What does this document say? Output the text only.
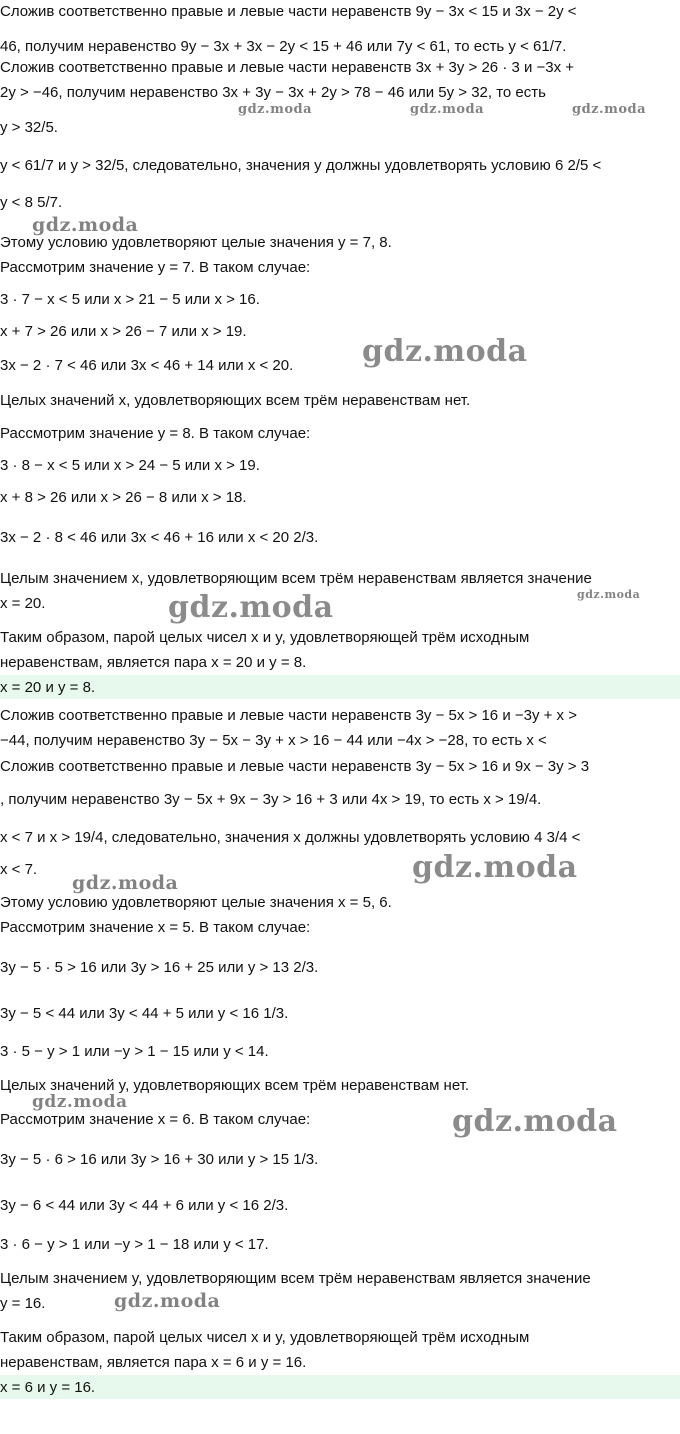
Сложив соответственно правые и левые части неравенств 9y − 3x < 15 и 3x − 2y <
46, получим неравенство 9y − 3x + 3x − 2y < 15 + 46 или 7y < 61, то есть y < 61/7.
Сложив соответственно правые и левые части неравенств 3x + 3y > 26 · 3 и −3x +
2y > −46, получим неравенство 3x + 3y − 3x + 2y > 78 − 46 или 5y > 32, то есть
y > 32/5.
y < 61/7 и y > 32/5, следовательно, значения y должны удовлетворять условию 6 2/5 <
y < 8 5/7.
Этому условию удовлетворяют целые значения y = 7, 8.
Рассмотрим значение y = 7. В таком случае:
3 · 7 − x < 5 или x > 21 − 5 или x > 16.
x + 7 > 26 или x > 26 − 7 или x > 19.
3x − 2 · 7 < 46 или 3x < 46 + 14 или x < 20.
Целых значений x, удовлетворяющих всем трём неравенствам нет.
Рассмотрим значение y = 8. В таком случае:
3 · 8 − x < 5 или x > 24 − 5 или x > 19.
x + 8 > 26 или x > 26 − 8 или x > 18.
3x − 2 · 8 < 46 или 3x < 46 + 16 или x < 20 2/3.
Целым значением x, удовлетворяющим всем трём неравенствам является значение
x = 20.
Таким образом, парой целых чисел x и y, удовлетворяющей трём исходным
неравенствам, является пара x = 20 и y = 8.
x = 20 и y = 8.
Сложив соответственно правые и левые части неравенств 3y − 5x > 16 и −3y + x >
−44, получим неравенство 3y − 5x − 3y + x > 16 − 44 или −4x > −28, то есть x <
Сложив соответственно правые и левые части неравенств 3y − 5x > 16 и 9x − 3y > 3
, получим неравенство 3y − 5x + 9x − 3y > 16 + 3 или 4x > 19, то есть x > 19/4.
x < 7 и x > 19/4, следовательно, значения x должны удовлетворять условию 4 3/4 <
x < 7.
Этому условию удовлетворяют целые значения x = 5, 6.
Рассмотрим значение x = 5. В таком случае:
3y − 5 · 5 > 16 или 3y > 16 + 25 или y > 13 2/3.
3y − 5 < 44 или 3y < 44 + 5 или y < 16 1/3.
3 · 5 − y > 1 или −y > 1 − 15 или y < 14.
Целых значений y, удовлетворяющих всем трём неравенствам нет.
Рассмотрим значение x = 6. В таком случае:
3y − 5 · 6 > 16 или 3y > 16 + 30 или y > 15 1/3.
3y − 6 < 44 или 3y < 44 + 6 или y < 16 2/3.
3 · 6 − y > 1 или −y > 1 − 18 или y < 17.
Целым значением y, удовлетворяющим всем трём неравенствам является значение
y = 16.
Таким образом, парой целых чисел x и y, удовлетворяющей трём исходным
неравенствам, является пара x = 6 и y = 16.
x = 6 и y = 16.
gdz.moda	gdz.moda	gdz.moda
gdz.moda
gdz.moda
gdz.moda	gdz.moda
gdz.moda	gdz.moda
gdz.moda
gdz.moda
gdz.moda
